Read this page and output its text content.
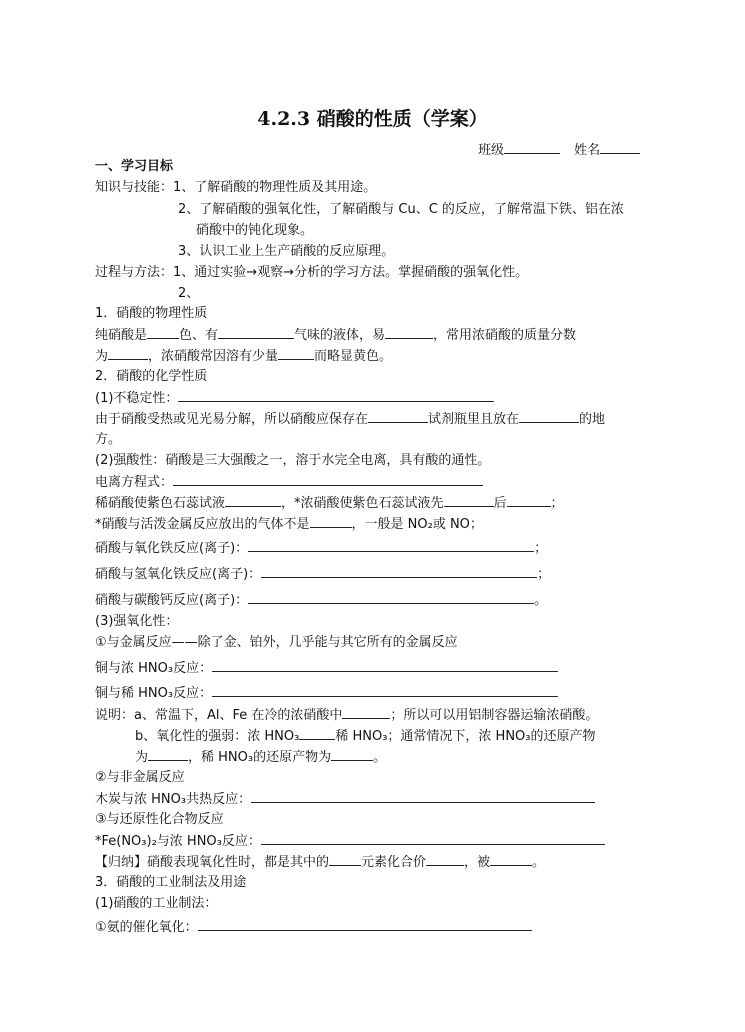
4.2.3 硝酸的性质（学案）
班级	姓名
一、学习目标
知识与技能：1、了解硝酸的物理性质及其用途。
2、了解硝酸的强氧化性，了解硝酸与 Cu、C 的反应，了解常温下铁、铝在浓
硝酸中的钝化现象。
3、认识工业上生产硝酸的反应原理。
过程与方法：1、通过实验→观察→分析的学习方法。掌握硝酸的强氧化性。
2、
1．硝酸的物理性质
纯硝酸是 色、有	气味的液体，易	，常用浓硝酸的质量分数
为	，浓硝酸常因溶有少量	而略显黄色。
2．硝酸的化学性质
(1)不稳定性：
由于硝酸受热或见光易分解，所以硝酸应保存在	试剂瓶里且放在	的地
方。
(2)强酸性：硝酸是三大强酸之一，溶于水完全电离，具有酸的通性。
电离方程式：
稀硝酸使紫色石蕊试液	，*浓硝酸使紫色石蕊试液先	后	；
*硝酸与活泼金属反应放出的气体不是	，一般是 NO₂或 NO；
硝酸与氧化铁反应(离子)：	；
硝酸与氢氧化铁反应(离子)：	；
硝酸与碳酸钙反应(离子)：	。
(3)强氧化性：
①与金属反应——除了金、铂外，几乎能与其它所有的金属反应
铜与浓 HNO₃反应：
铜与稀 HNO₃反应：
说明：a、常温下，Al、Fe 在冷的浓硝酸中	；所以可以用铝制容器运输浓硝酸。
b、氧化性的强弱：浓 HNO₃	稀 HNO₃；通常情况下，浓 HNO₃的还原产物
为	，稀 HNO₃的还原产物为	。
②与非金属反应
木炭与浓 HNO₃共热反应：
③与还原性化合物反应
*Fe(NO₃)₂与浓 HNO₃反应：
【归纳】硝酸表现氧化性时，都是其中的 元素化合价	，被	。
3．硝酸的工业制法及用途
(1)硝酸的工业制法：
①氨的催化氧化：
